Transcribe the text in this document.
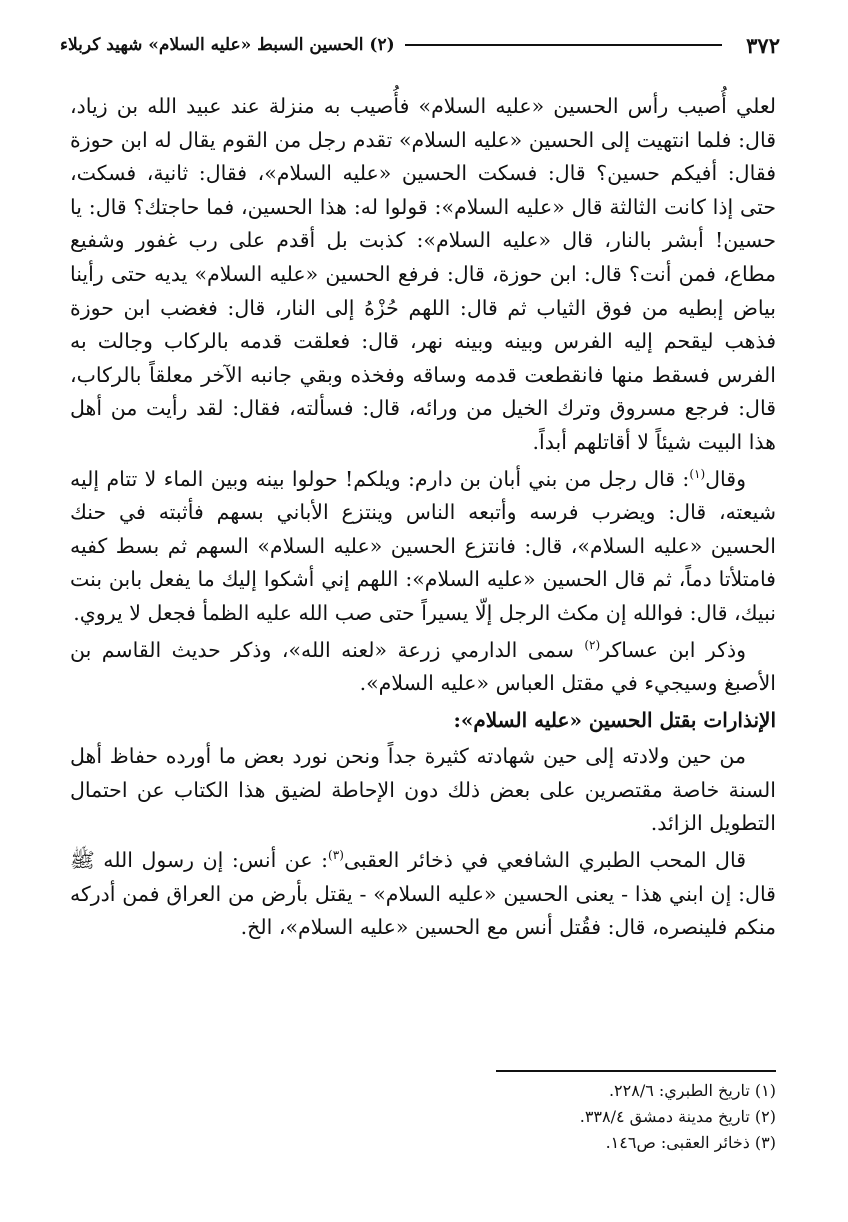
٣٧٢
(٢) الحسين السبط «عليه السلام» شهيد كربلاء

لعلي أُصيب رأس الحسين «عليه السلام» فأُصيب به منزلة عند عبيد الله بن زياد، قال: فلما انتهيت إلى الحسين «عليه السلام» تقدم رجل من القوم يقال له ابن حوزة فقال: أفيكم حسين؟ قال: فسكت الحسين «عليه السلام»، فقال: ثانية، فسكت، حتى إذا كانت الثالثة قال «عليه السلام»: قولوا له: هذا الحسين، فما حاجتك؟ قال: يا حسين! أبشر بالنار، قال «عليه السلام»: كذبت بل أقدم على رب غفور وشفيع مطاع، فمن أنت؟ قال: ابن حوزة، قال: فرفع الحسين «عليه السلام» يديه حتى رأينا بياض إبطيه من فوق الثياب ثم قال: اللهم حُزْهُ إلى النار، قال: فغضب ابن حوزة فذهب ليقحم إليه الفرس وبينه وبينه نهر، قال: فعلقت قدمه بالركاب وجالت به الفرس فسقط منها فانقطعت قدمه وساقه وفخذه وبقي جانبه الآخر معلقاً بالركاب، قال: فرجع مسروق وترك الخيل من ورائه، قال: فسألته، فقال: لقد رأيت من أهل هذا البيت شيئاً لا أقاتلهم أبداً.

وقال$^{(١)}$: قال رجل من بني أبان بن دارم: ويلكم! حولوا بينه وبين الماء لا تتام إليه شيعته، قال: ويضرب فرسه وأتبعه الناس وينتزع الأباني بسهم فأثبته في حنك الحسين «عليه السلام»، قال: فانتزع الحسين «عليه السلام» السهم ثم بسط كفيه فامتلأتا دماً، ثم قال الحسين «عليه السلام»: اللهم إني أشكوا إليك ما يفعل بابن بنت نبيك، قال: فوالله إن مكث الرجل إلّا يسيراً حتى صب الله عليه الظمأ فجعل لا يروي.

وذكر ابن عساكر$^{(٢)}$ سمى الدارمي زرعة «لعنه الله»، وذكر حديث القاسم بن الأصبغ وسيجيء في مقتل العباس «عليه السلام».

الإنذارات بقتل الحسين «عليه السلام»:

من حين ولادته إلى حين شهادته كثيرة جداً ونحن نورد بعض ما أورده حفاظ أهل السنة خاصة مقتصرين على بعض ذلك دون الإحاطة لضيق هذا الكتاب عن احتمال التطويل الزائد.

قال المحب الطبري الشافعي في ذخائر العقبى$^{(٣)}$: عن أنس: إن رسول الله ﷺ قال: إن ابني هذا - يعنى الحسين «عليه السلام» - يقتل بأرض من العراق فمن أدركه منكم فلينصره، قال: فقُتل أنس مع الحسين «عليه السلام»، الخ.

(١) تاريخ الطبري: ٢٢٨/٦.
(٢) تاريخ مدينة دمشق ٣٣٨/٤.
(٣) ذخائر العقبى: ص١٤٦.
